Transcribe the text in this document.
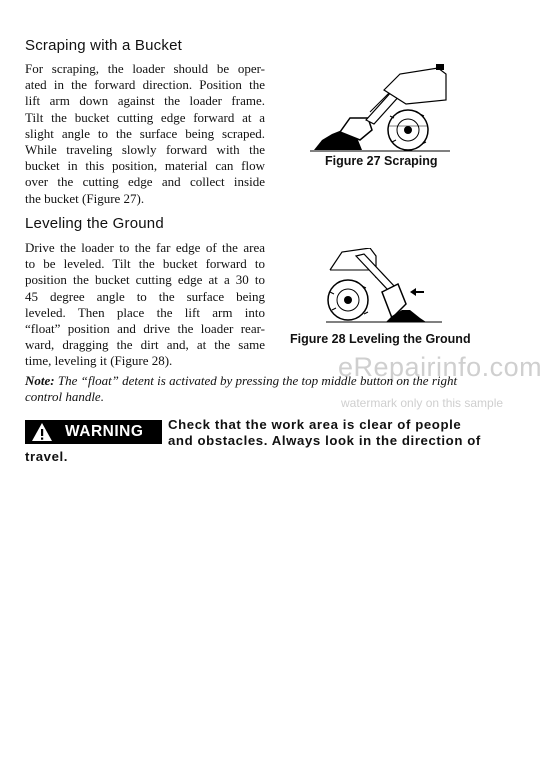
Scraping with a Bucket
For scraping, the loader should be oper-
ated in the forward direction. Position the
lift arm down against the loader frame.
Tilt the bucket cutting edge forward at a
slight angle to the surface being scraped.
While traveling slowly forward with the
bucket in this position, material can flow
over the cutting edge and collect inside
the bucket (Figure 27).
Figure 27 Scraping
Leveling the Ground
Drive the loader to the far edge of the area
to be leveled. Tilt the bucket forward to
position the bucket cutting edge at a 30 to
45 degree angle to the surface being
leveled. Then place the lift arm into
“float” position and drive the loader rear-
ward, dragging the dirt and, at the same
time, leveling it (Figure 28).
Figure 28 Leveling the Ground
eRepairinfo.com
Note: The “float” detent is activated by pressing the top middle button on the right control handle.	watermark only on this sample
WARNING Check that the work area is clear of people
and obstacles. Always look in the direction of
travel.
